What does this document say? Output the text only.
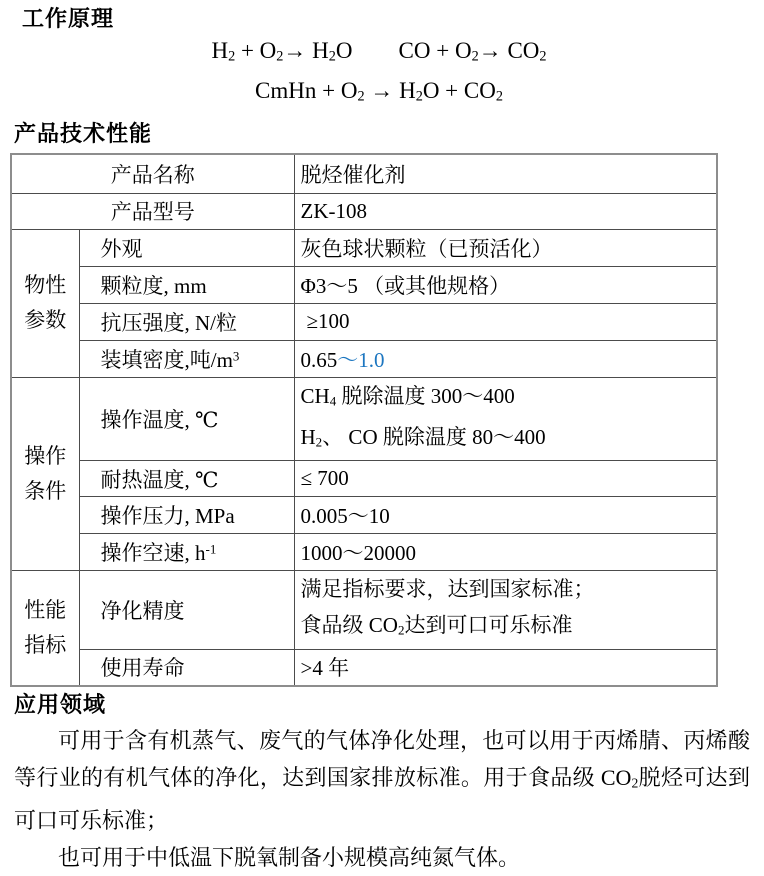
工作原理
$H_2 + O_2\to H_2O$ CO + $O_2\to CO_2$
CmHn + $O_2 \to H_2O + CO_2$
产品技术性能
产品名称		脱烃催化剂
产品型号		ZK-108
物性参数	外观	灰色球状颗粒（已预活化）
	颗粒度, mm	Φ3～5 （或其他规格）
	抗压强度, N/粒	≥100
	装填密度,吨$/m^3$	0.65～1.0
操作条件	操作温度, ℃	$CH_4$ 脱除温度 300～400
$H_2$、 CO 脱除温度 80～400

	耐热温度, ℃	≤ 700
	操作压力, MPa	0.005～10
	操作空速, $h^{-1}$	1000～20000
性能指标	净化精度	满足指标要求，达到国家标准；
食品级 $CO_2$达到可口可乐标准

	使用寿命	>4 年
应用领域

可用于含有机蒸气、废气的气体净化处理，也可以用于丙烯腈、丙烯酸等行业的有机气体的净化，达到国家排放标准。用于食品级 $CO_2$脱烃可达到可口可乐标准；

也可用于中低温下脱氧制备小规模高纯氮气体。
